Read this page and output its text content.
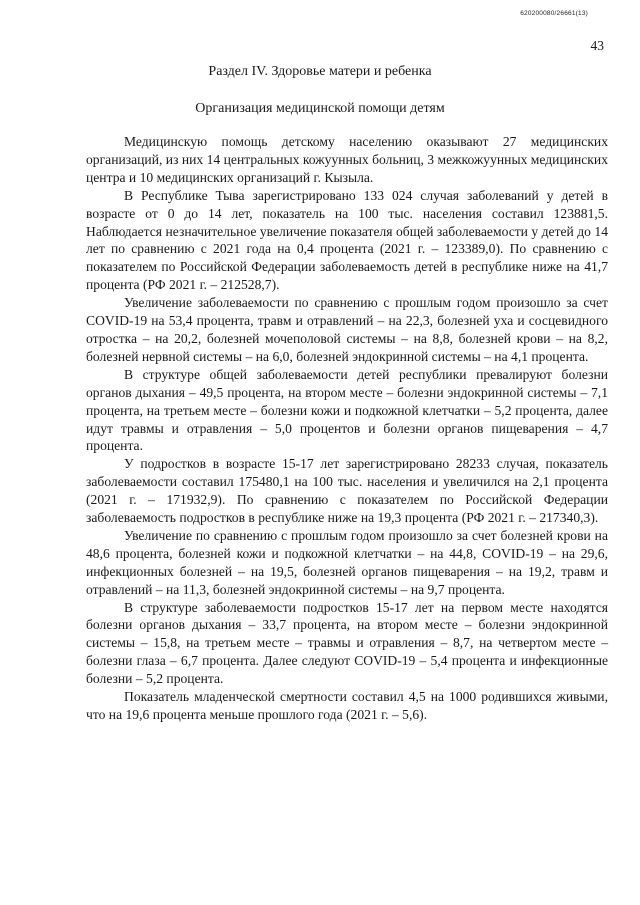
620200080/26661(13)
43
Раздел IV. Здоровье матери и ребенка
Организация медицинской помощи детям

Медицинскую помощь детскому населению оказывают 27 медицинских организаций, из них 14 центральных кожуунных больниц, 3 межкожуунных медицинских центра и 10 медицинских организаций г. Кызыла.

В Республике Тыва зарегистрировано 133 024 случая заболеваний у детей в возрасте от 0 до 14 лет, показатель на 100 тыс. населения составил 123881,5. Наблюдается незначительное увеличение показателя общей заболеваемости у детей до 14 лет по сравнению с 2021 года на 0,4 процента (2021 г. – 123389,0). По сравнению с показателем по Российской Федерации заболеваемость детей в республике ниже на 41,7 процента (РФ 2021 г. – 212528,7).

Увеличение заболеваемости по сравнению с прошлым годом произошло за счет COVID-19 на 53,4 процента, травм и отравлений – на 22,3, болезней уха и сосцевидного отростка – на 20,2, болезней мочеполовой системы – на 8,8, болезней крови – на 8,2, болезней нервной системы – на 6,0, болезней эндокринной системы – на 4,1 процента.

В структуре общей заболеваемости детей республики превалируют болезни органов дыхания – 49,5 процента, на втором месте – болезни эндокринной системы – 7,1 процента, на третьем месте – болезни кожи и подкожной клетчатки – 5,2 процента, далее идут травмы и отравления – 5,0 процентов и болезни органов пищеварения – 4,7 процента.

У подростков в возрасте 15-17 лет зарегистрировано 28233 случая, показатель заболеваемости составил 175480,1 на 100 тыс. населения и увеличился на 2,1 процента (2021 г. – 171932,9). По сравнению с показателем по Российской Федерации заболеваемость подростков в республике ниже на 19,3 процента (РФ 2021 г. – 217340,3).

Увеличение по сравнению с прошлым годом произошло за счет болезней крови на 48,6 процента, болезней кожи и подкожной клетчатки – на 44,8, COVID-19 – на 29,6, инфекционных болезней – на 19,5, болезней органов пищеварения – на 19,2, травм и отравлений – на 11,3, болезней эндокринной системы – на 9,7 процента.

В структуре заболеваемости подростков 15-17 лет на первом месте находятся болезни органов дыхания – 33,7 процента, на втором месте – болезни эндокринной системы – 15,8, на третьем месте – травмы и отравления – 8,7, на четвертом месте – болезни глаза – 6,7 процента. Далее следуют COVID-19 – 5,4 процента и инфекционные болезни – 5,2 процента.

Показатель младенческой смертности составил 4,5 на 1000 родившихся живыми, что на 19,6 процента меньше прошлого года (2021 г. – 5,6).
